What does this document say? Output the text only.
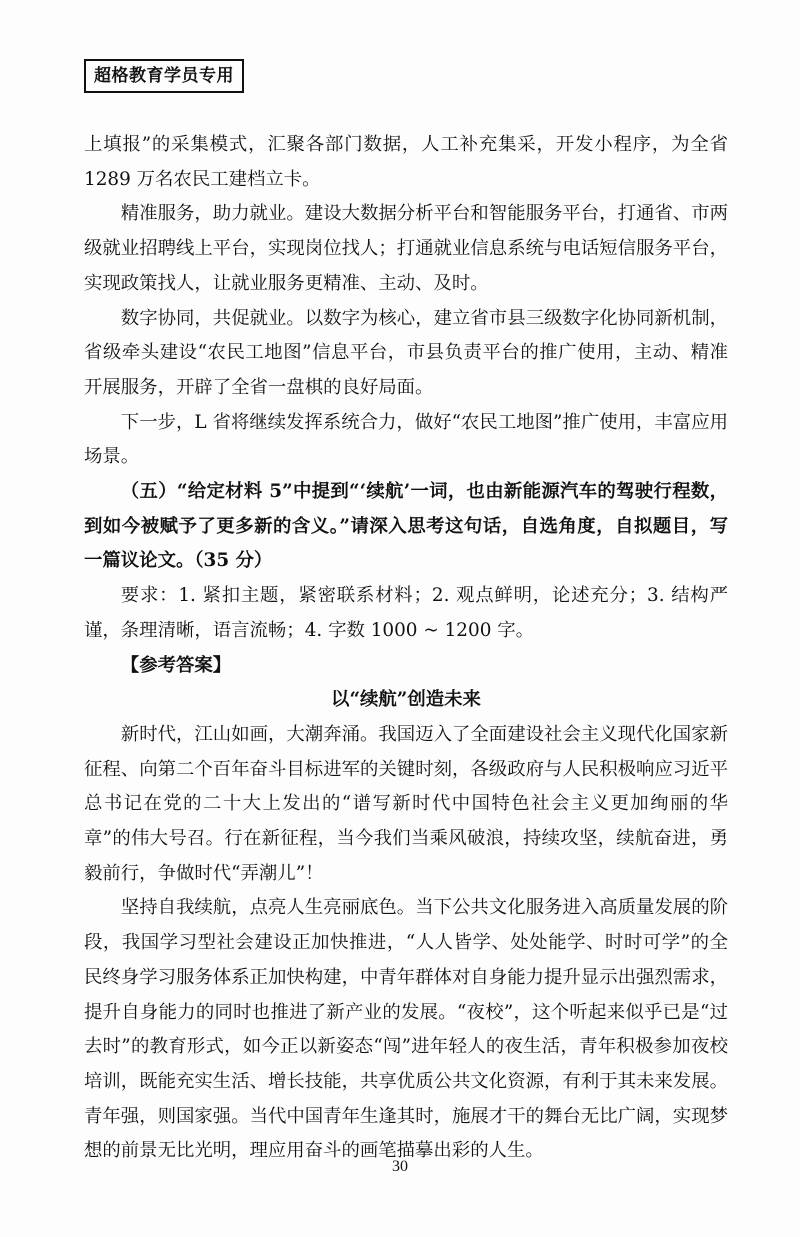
超格教育学员专用

上填报”的采集模式，汇聚各部门数据，人工补充集采，开发小程序，为全省 1289 万名农民工建档立卡。

精准服务，助力就业。建设大数据分析平台和智能服务平台，打通省、市两级就业招聘线上平台，实现岗位找人；打通就业信息系统与电话短信服务平台，实现政策找人，让就业服务更精准、主动、及时。

数字协同，共促就业。以数字为核心，建立省市县三级数字化协同新机制，省级牵头建设“农民工地图”信息平台，市县负责平台的推广使用，主动、精准开展服务，开辟了全省一盘棋的良好局面。

下一步，L 省将继续发挥系统合力，做好“农民工地图”推广使用，丰富应用场景。

（五）“给定材料 5”中提到“‘续航’一词，也由新能源汽车的驾驶行程数，到如今被赋予了更多新的含义。”请深入思考这句话，自选角度，自拟题目，写一篇议论文。（35 分）

要求：1. 紧扣主题，紧密联系材料；2. 观点鲜明，论述充分；3. 结构严谨，条理清晰，语言流畅；4. 字数 1000 ~ 1200 字。

【参考答案】

以“续航”创造未来

新时代，江山如画，大潮奔涌。我国迈入了全面建设社会主义现代化国家新征程、向第二个百年奋斗目标进军的关键时刻，各级政府与人民积极响应习近平总书记在党的二十大上发出的“谱写新时代中国特色社会主义更加绚丽的华章”的伟大号召。行在新征程，当今我们当乘风破浪，持续攻坚，续航奋进，勇毅前行，争做时代“弄潮儿”！

坚持自我续航，点亮人生亮丽底色。当下公共文化服务进入高质量发展的阶段，我国学习型社会建设正加快推进，“人人皆学、处处能学、时时可学”的全民终身学习服务体系正加快构建，中青年群体对自身能力提升显示出强烈需求，提升自身能力的同时也推进了新产业的发展。“夜校”，这个听起来似乎已是“过去时”的教育形式，如今正以新姿态“闯”进年轻人的夜生活，青年积极参加夜校培训，既能充实生活、增长技能，共享优质公共文化资源，有利于其未来发展。青年强，则国家强。当代中国青年生逢其时，施展才干的舞台无比广阔，实现梦想的前景无比光明，理应用奋斗的画笔描摹出彩的人生。

30
